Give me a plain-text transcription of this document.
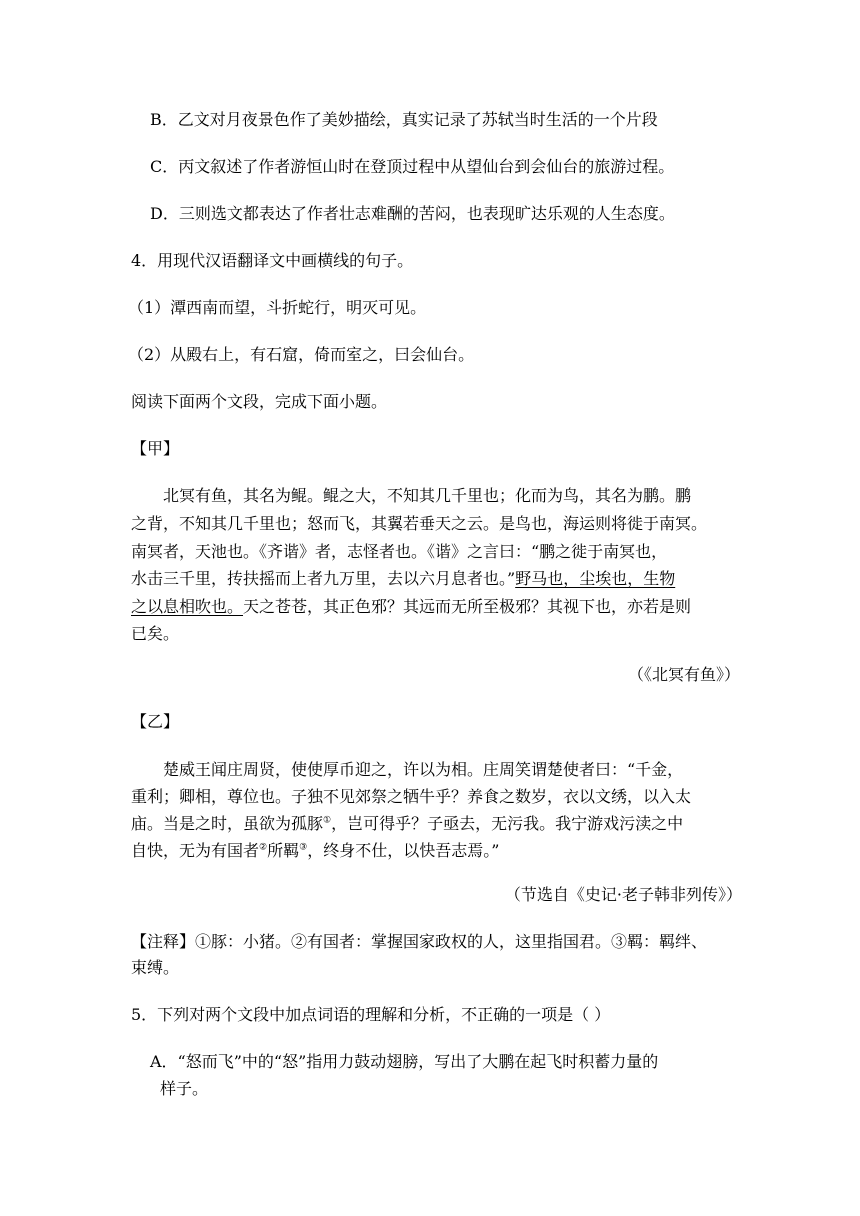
B．乙文对月夜景色作了美妙描绘，真实记录了苏轼当时生活的一个片段
C．丙文叙述了作者游恒山时在登顶过程中从望仙台到会仙台的旅游过程。
D．三则选文都表达了作者壮志难酬的苦闷，也表现旷达乐观的人生态度。
4．用现代汉语翻译文中画横线的句子。
（1）潭西南而望，斗折蛇行，明灭可见。
（2）从殿右上，有石窟，倚而室之，曰会仙台。
阅读下面两个文段，完成下面小题。
【甲】
北冥有鱼，其名为鲲。鲲之大，不知其几千里也；化而为鸟，其名为鹏。鹏
之背，不知其几千里也；怒而飞，其翼若垂天之云。是鸟也，海运则将徙于南冥。
南冥者，天池也。《齐谐》者，志怪者也。《谐》之言曰：“鹏之徙于南冥也，
水击三千里，抟扶摇而上者九万里，去以六月息者也。”野马也，尘埃也，生物
之以息相吹也。天之苍苍，其正色邪？其远而无所至极邪？其视下也，亦若是则
已矣。
（《北冥有鱼》）
【乙】
楚威王闻庄周贤，使使厚币迎之，许以为相。庄周笑谓楚使者曰：“千金，
重利；卿相，尊位也。子独不见郊祭之牺牛乎？养食之数岁，衣以文绣，以入太
庙。当是之时，虽欲为孤豚①，岂可得乎？子亟去，无污我。我宁游戏污渎之中
自快，无为有国者②所羁③，终身不仕，以快吾志焉。”
（节选自《史记·老子韩非列传》）
【注释】①豚：小猪。②有国者：掌握国家政权的人，这里指国君。③羁：羁绊、
束缚。
5．下列对两个文段中加点词语的理解和分析，不正确的一项是（ ）
A．“怒而飞”中的“怒”指用力鼓动翅膀，写出了大鹏在起飞时积蓄力量的
样子。
